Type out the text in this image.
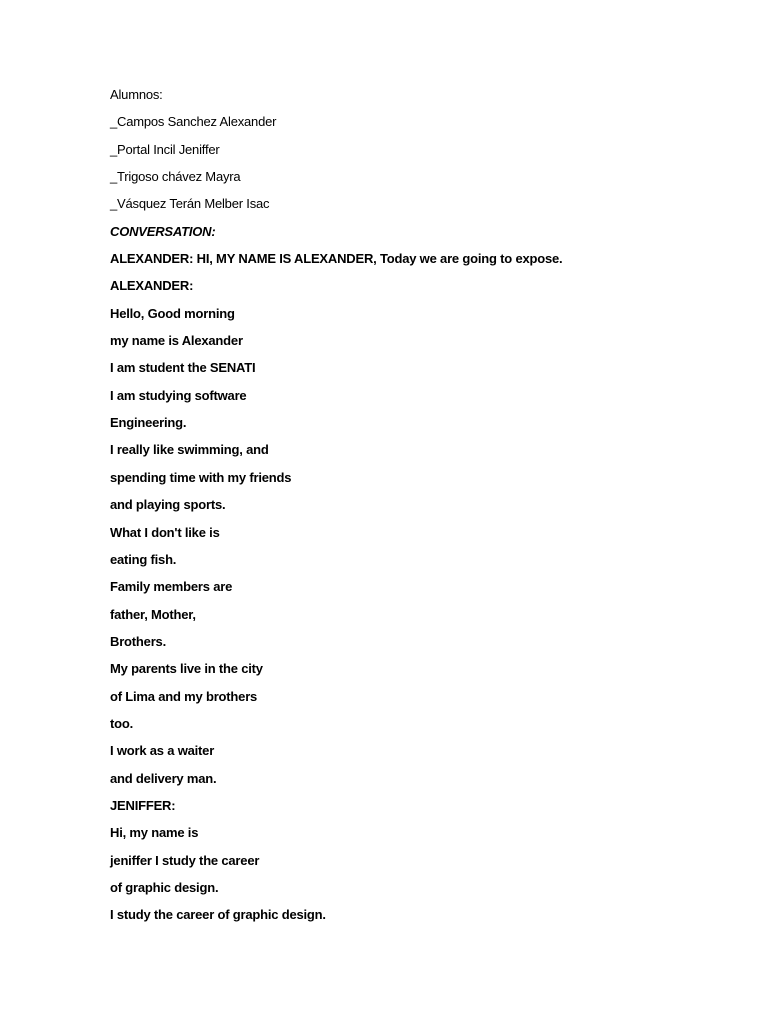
Alumnos:
_Campos Sanchez Alexander
_Portal Incil Jeniffer
_Trigoso chávez Mayra
_Vásquez Terán Melber Isac
CONVERSATION:
ALEXANDER: HI, MY NAME IS ALEXANDER, Today we are going to expose.
ALEXANDER:
Hello, Good morning
my name is Alexander
I am student the SENATI
I am studying software
Engineering.
I really like swimming, and
spending time with my friends
and playing sports.
What I don't like is
eating fish.
Family members are
father, Mother,
Brothers.
My parents live in the city
of Lima and my brothers
too.
I work as a waiter
and delivery man.
JENIFFER:
Hi, my name is
jeniffer I study the career
of graphic design.
I study the career of graphic design.
